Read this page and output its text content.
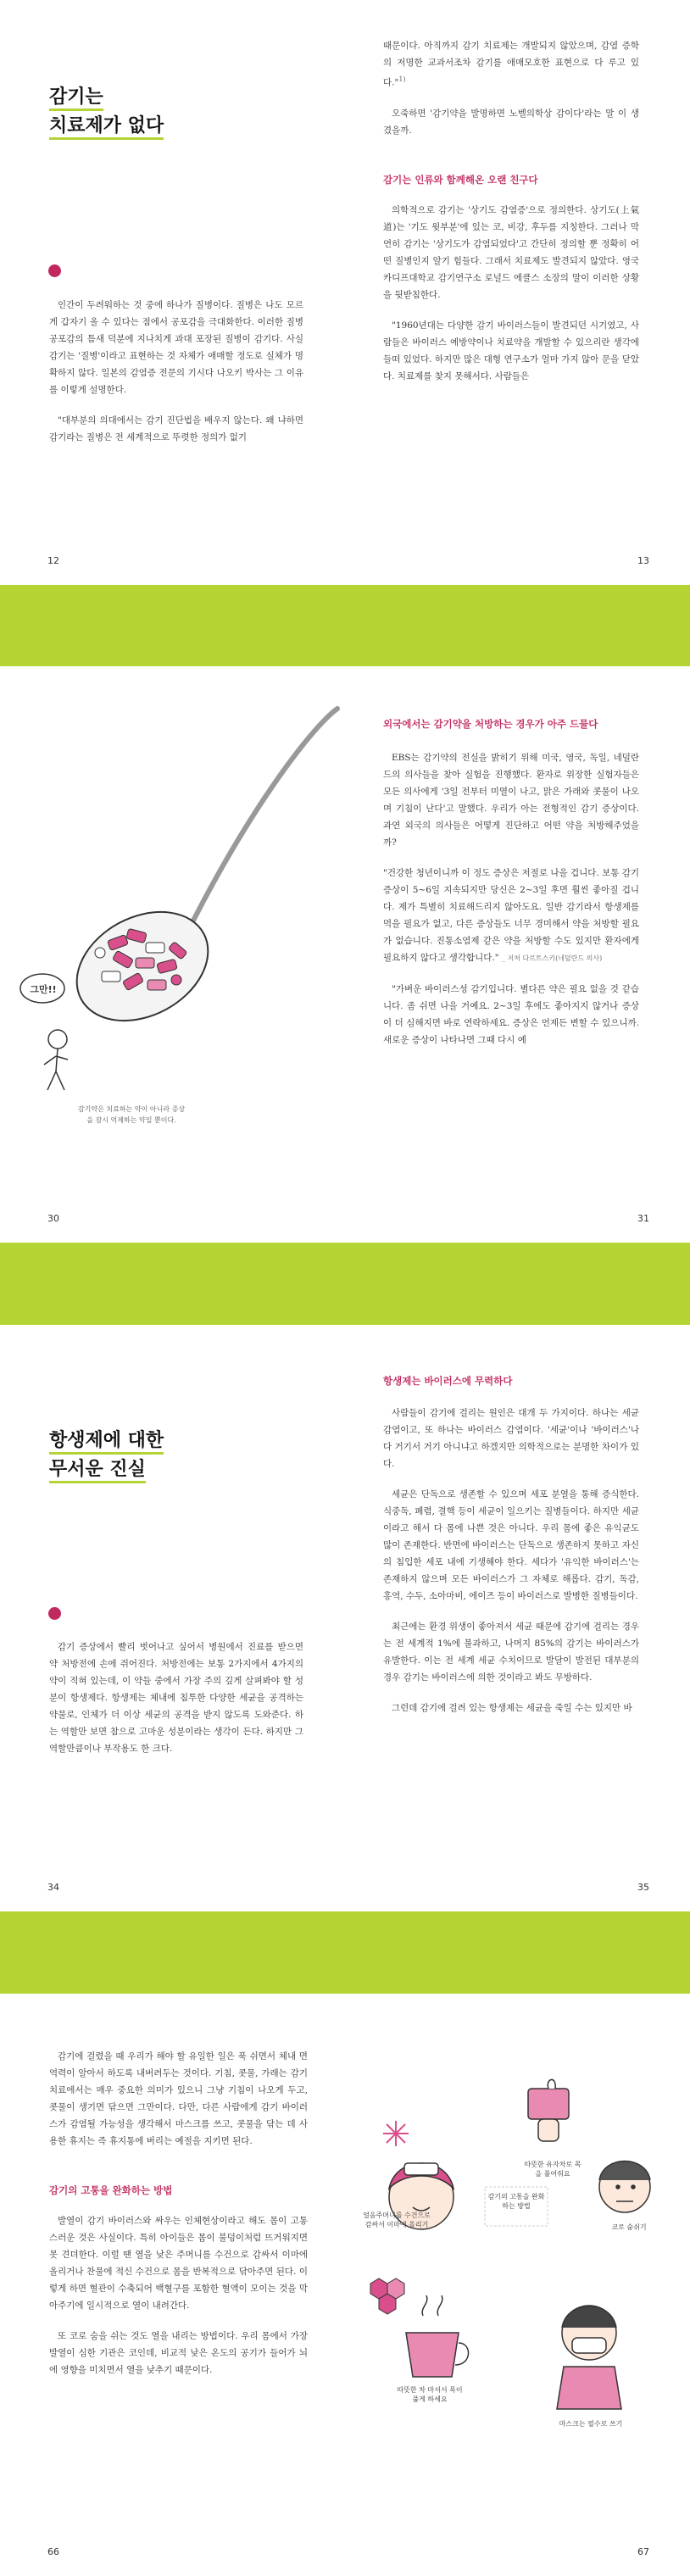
감기는
치료제가 없다

인간이 두려워하는 것 중에 하나가 질병이다. 질병은 나도 모르게 갑자기 올 수 있다는 점에서 공포감을 극대화한다. 이러한 질병 공포감의 틈새 덕분에 지나치게 과대 포장된 질병이 감기다. 사실 감기는 '질병'이라고 표현하는 것 자체가 애매할 정도로 실체가 명확하지 않다. 일본의 감염증 전문의 기시다 나오키 박사는 그 이유를 이렇게 설명한다.

"대부분의 의대에서는 감기 진단법을 배우지 않는다. 왜 냐하면 감기라는 질병은 전 세계적으로 뚜렷한 정의가 없기

12

때문이다. 아직까지 감기 치료제는 개발되지 않았으며, 감염 증학의 저명한 교과서조차 감기를 애매모호한 표현으로 다 루고 있다."$^{1)}$

오죽하면 '감기약을 발명하면 노벨의학상 감이다'라는 말 이 생겼을까.

감기는 인류와 함께해온 오랜 친구다

의학적으로 감기는 '상기도 감염증'으로 정의한다. 상기도(上氣道)는 '기도 윗부분'에 있는 코, 비강, 후두를 지칭한다. 그러나 막연히 감기는 '상기도가 감염되었다'고 간단히 정의할 뿐 정확히 어떤 질병인지 알기 힘들다. 그래서 치료제도 발견되지 않았다. 영국 카디프대학교 감기연구소 로널드 에클스 소장의 말이 이러한 상황을 뒷받침한다.

"1960년대는 다양한 감기 바이러스들이 발견되던 시기였고, 사람들은 바이러스 예방약이나 치료약을 개발할 수 있으리란 생각에 들떠 있었다. 하지만 많은 대형 연구소가 얼마 가지 않아 문을 닫았다. 치료제를 찾지 못해서다. 사람들은

13
그만!!
감기약은 치료하는 약이 아니라 증상을 잠시 억제하는 약일 뿐이다.
30
외국에서는 감기약을 처방하는 경우가 아주 드물다

EBS는 감기약의 전실을 밝히기 위해 미국, 영국, 독일, 네덜란드의 의사들을 찾아 실험을 진행했다. 환자로 위장한 실험자들은 모든 의사에게 '3일 전부터 미열이 나고, 맑은 가래와 콧물이 나오며 기침이 난다'고 말했다. 우리가 아는 전형적인 감기 증상이다. 과연 외국의 의사들은 어떻게 진단하고 어떤 약을 처방해주었을까?

"건강한 청년이니까 이 정도 증상은 저절로 나을 겁니다. 보통 감기 증상이 5~6일 지속되지만 당신은 2~3일 후면 훨씬 좋아질 겁니다. 제가 특별히 치료해드리지 않아도요. 일반 감기라서 항생제를 먹을 필요가 없고, 다른 증상들도 너무 경미해서 약을 처방할 필요가 없습니다. 진통소염제 같은 약을 처방할 수도 있지만 환자에게 필요하지 않다고 생각합니다." _ 저처 다르트스키(네덜란드 의사)

"가벼운 바이러스성 감기입니다. 별다른 약은 필요 없을 것 같습니다. 좀 쉬면 나을 거예요. 2~3일 후에도 좋아지지 않거나 증상이 더 심해지면 바로 연락하세요. 증상은 언제든 변할 수 있으니까. 새로운 증상이 나타나면 그때 다시 예

31
항생제에 대한
무서운 진실

감기 증상에서 빨리 벗어나고 싶어서 병원에서 진료를 받으면 약 처방전에 손에 쥐어진다. 처방전에는 보통 2가지에서 4가지의 약이 적혀 있는데, 이 약들 중에서 가장 주의 깊게 살펴봐야 할 성분이 항생제다. 항생제는 체내에 침투한 다양한 세균을 공격하는 약물로, 인체가 더 이상 세균의 공격을 받지 않도록 도와준다. 하는 역할만 보면 참으로 고마운 성분이라는 생각이 든다. 하지만 그 역할만큼이나 부작용도 한 크다.

34
항생제는 바이러스에 무력하다

사람들이 감기에 걸리는 원인은 대개 두 가지이다. 하나는 세균 감염이고, 또 하나는 바이러스 감염이다. '세균'이나 '바이러스'나 다 거기서 거기 아니냐고 하겠지만 의학적으로는 분명한 차이가 있다.

세균은 단독으로 생존할 수 있으며 세포 분열을 통해 증식한다. 식중독, 폐렴, 결핵 등이 세균이 일으키는 질병들이다. 하지만 세균이라고 해서 다 몸에 나쁜 것은 아니다. 우리 몸에 좋은 유익균도 많이 존재한다. 반면에 바이러스는 단독으로 생존하지 못하고 자신의 침입한 세포 내에 기생해야 한다. 세다가 '유익한 바이러스'는 존재하지 않으며 모든 바이러스가 그 자체로 해롭다. 감기, 독감, 홍역, 수두, 소아마비, 에이즈 등이 바이러스로 발병한 질병들이다.

최근에는 환경 위생이 좋아져서 세균 때문에 감기에 걸리는 경우는 전 세계적 1%에 불과하고, 나머지 85%의 감기는 바이러스가 유발한다. 이는 전 세계 세균 수치이므로 발달이 발전된 대부분의 경우 감기는 바이러스에 의한 것이라고 봐도 무방하다.

그런데 감기에 걸려 있는 항생제는 세균을 죽일 수는 있지만 바

35

감기에 걸렸을 때 우리가 해야 할 유일한 일은 푹 쉬면서 체내 면역력이 알아서 하도록 내버려두는 것이다. 기침, 콧물, 가래는 감기 치료에서는 매우 중요한 의미가 있으니 그냥 기침이 나오게 두고, 콧물이 생기면 닦으면 그만이다. 다만, 다른 사람에게 감기 바이러스가 감염될 가능성을 생각해서 마스크를 쓰고, 콧물을 닦는 데 사용한 휴지는 즉 휴지통에 버리는 예절을 지키면 된다.

감기의 고통을 완화하는 방법

발열이 감기 바이러스와 싸우는 인체현상이라고 해도 몸이 고통스러운 것은 사실이다. 특히 아이들은 몸이 불덩이처럼 뜨거워지면 못 견뎌한다. 이럴 땐 열을 낮은 주머니를 수건으로 감싸서 이마에 올리거나 찬물에 적신 수건으로 몸을 반복적으로 닦아주면 된다. 이렇게 하면 혈관이 수축되어 백혈구를 포함한 혈액이 모이는 것을 막아주기에 일시적으로 열이 내려간다.

또 코로 숨을 쉬는 것도 열을 내리는 방법이다. 우리 몸에서 가장 발열이 심한 기관은 코인데, 비교적 낮은 온도의 공기가 들어가 뇌에 영향을 미치면서 열을 낮추기 때문이다.

66
따뜻한 유자차로 목을 풀어줘요
얼음주머니를 수건으로 감싸서 이마에 올리기
감기의 고통을 완화하는 방법
코로 숨쉬기
따뜻한 차 마셔서 목이 풀게 하세요
마스크는 필수로 쓰기
67
